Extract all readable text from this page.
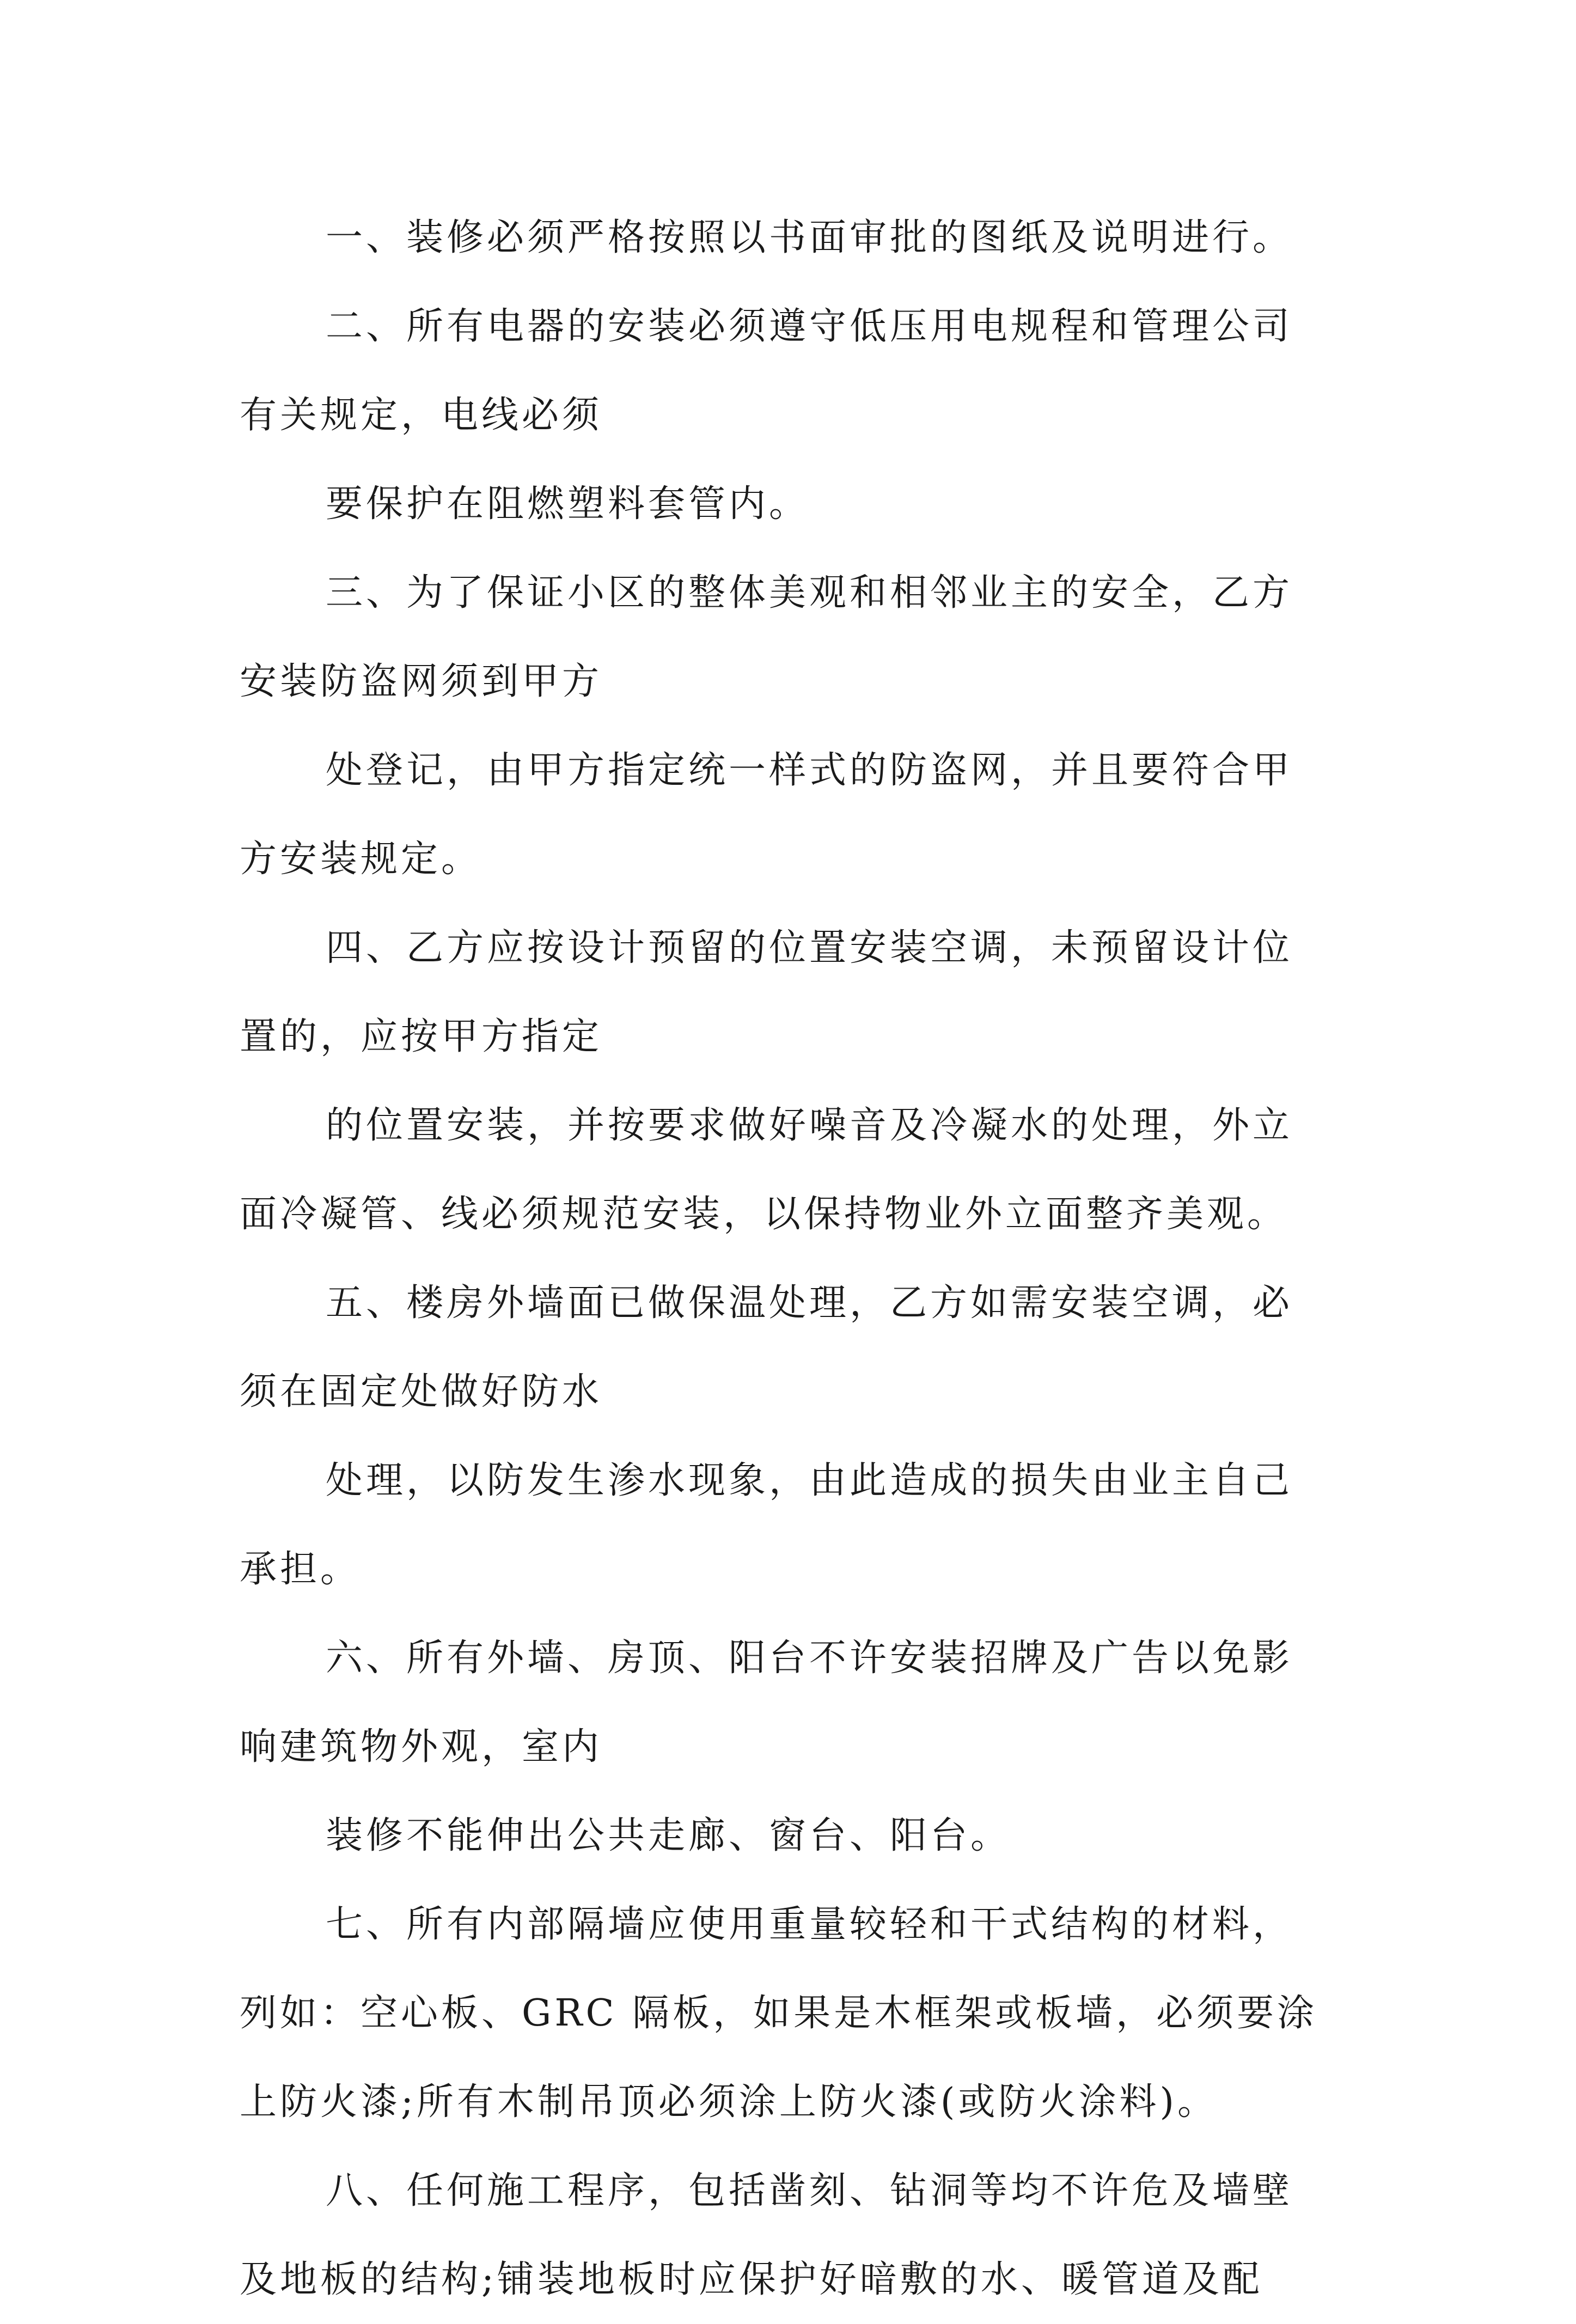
一、装修必须严格按照以书面审批的图纸及说明进行。
二、所有电器的安装必须遵守低压用电规程和管理公司
有关规定，电线必须
要保护在阻燃塑料套管内。
三、为了保证小区的整体美观和相邻业主的安全，乙方
安装防盗网须到甲方
处登记，由甲方指定统一样式的防盗网，并且要符合甲
方安装规定。
四、乙方应按设计预留的位置安装空调，未预留设计位
置的，应按甲方指定
的位置安装，并按要求做好噪音及冷凝水的处理，外立
面冷凝管、线必须规范安装，以保持物业外立面整齐美观。
五、楼房外墙面已做保温处理，乙方如需安装空调，必
须在固定处做好防水
处理，以防发生渗水现象，由此造成的损失由业主自己
承担。
六、所有外墙、房顶、阳台不许安装招牌及广告以免影
响建筑物外观，室内
装修不能伸出公共走廊、窗台、阳台。
七、所有内部隔墙应使用重量较轻和干式结构的材料，
列如：空心板、GRC 隔板，如果是木框架或板墙，必须要涂
上防火漆;所有木制吊顶必须涂上防火漆(或防火涂料)。
八、任何施工程序，包括凿刻、钻洞等均不许危及墙壁
及地板的结构;铺装地板时应保护好暗敷的水、暖管道及配
